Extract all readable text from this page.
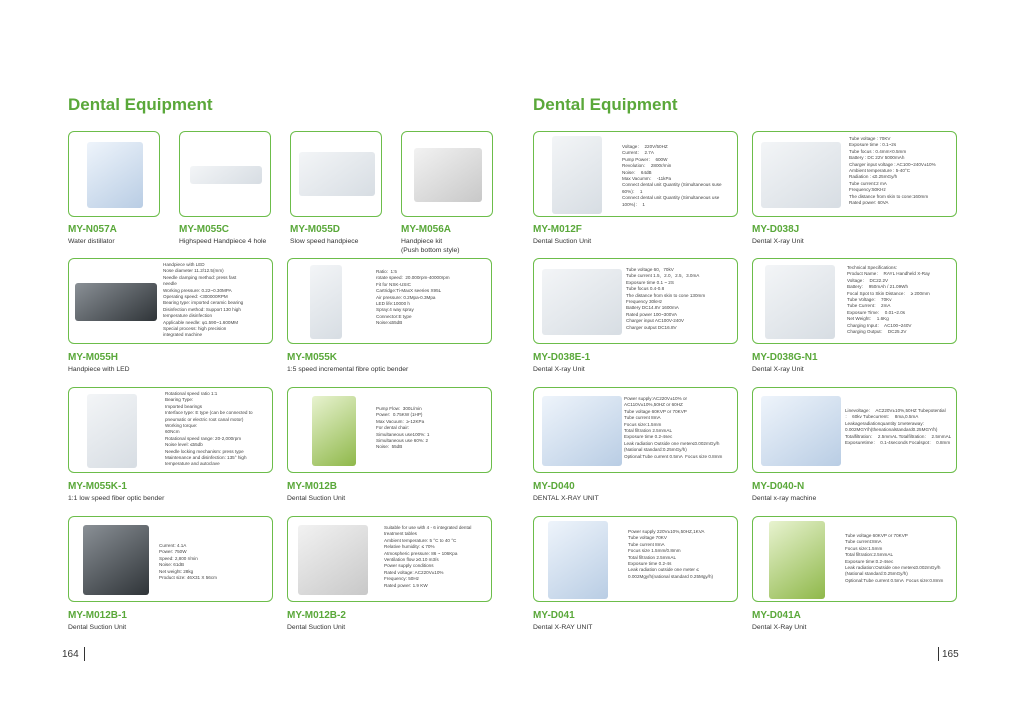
Dental Equipment
MY-N057A
Water distillator
MY-M055C
Highspeed Handpiece 4 hole
MY-M055D
Slow speed handpiece
MY-M056A
Handpiece kit
(Push bottom style)
Handpiece with LED
Nose diameter 11.2/12.5(mm)
Needle clamping method: press fast
needle
Working pressure: 0.22~0.30MPA
Operating speed: <300000RPM
Bearing type: imported ceramic bearing
Disinfection method: Support 130 high
temperature disinfection
Applicable needle: φ1.590~1.600MM
Special process: high precision
integrated machine
MY-M055H
Handpiece with LED
Ratio:  1:5
rotate speed:  20.000rpm-40000rpm
Fit for NSK-USIC
Cartridge:Ti-MaxX seeries X95L
Air pressure: 0.2Mpa-0.3Mpa
LED life:10000 h
Spray:4 way spray
Connector:E type
Noise:≤65dB
MY-M055K
1:5 speed incremental fibre optic bender
Rotational speed ratio 1:1
Bearing Type:
Imported bearings
Interface type: E type (can be connected to
pneumatic or electric root canal motor)
Working torque:
60Ncm
Rotational speed range: 20-2,000rpm
Noise level: ≤55db
Needle locking mechanism: press type
Maintenance and disinfection: 135° high
temperature and autoclave
MY-M055K-1
1:1 low speed fiber optic bender
Pump Flow:  300L/min
Power:  0.75KW (1HP)
Max Vacuum:  ≥-12KPa
For dental chair:
Simultaneous use100%: 1
Simultaneous use 60%: 2
Noise:  55dB
MY-M012B
Dental Suction Unit
Current: 4.1A
Power: 750W
Speed: 2,800 r/min
Noise: 61dB
Net weight: 28kg
Product size: 46X31 X 56cm
MY-M012B-1
Dental Suction Unit
Suitable for use with 4 - 6 integrated dental
treatment tables
Ambient temperature: 5 °C to 40 °C
Relative humidity: ≤ 70%
Atmospheric pressure: 86 ~ 106Kpa
Ventilation flow ≥0.10 m3/s
Power supply conditions
Rated voltage: AC220V±10%
Frequency: 50Hz
Rated power: 1.9 KW
MY-M012B-2
Dental Suction Unit
164
Dental Equipment
Voltage：  220V/50HZ
Current：  2.7A
Pump Power：  600W
Revolution：  2800r/min
Noise：  64dB
Max Vacumm：  -11kPa
Connect dental unit Quantity (Simultaneous suse
60%)：  1
Connect dental unit Quantity (Simultaneous use
100%)：  1
MY-M012F
Dental Suction Unit
Tube voltage : 70KV
Exposure time : 0.1~2s
Tube focus : 0.4mm×0.5mm
Battery : DC 22V 5000mAh
Charger input voltage : AC100~240V±10%
Ambient temperature : 5-40°C
Radiation : ≤0.25mGy/h
Tube current:2 mA
Frequency:50KHz
The distance from skin to cone:160mm
Rated power: 60VA
MY-D038J
Dental X-ray Unit
Tube voltage 60，70kV
Tube current 1.5，2.0，2.5，3.0mA
Exposure time 0.1 ~ 2S
Tube focus 0.4-0.8
The distance from skin to cone 130mm
Frequency 30kHz
Battery DC14.8V 1600mA
Rated power 100~300VA
Charger input AC100V-240V
Charger output DC16.8V
MY-D038E-1
Dental X-ray Unit
Technical Specifications:
Product Name：  RAYL Handheld X-Ray
Voltage：  DC22.2V
Battery：  950mAh / 21.09Wh
Focal Spot to Skin Distance：  ≥ 200mm
Tube Voltage：  70Kv
Tube Current：  2mA
Exposure Time：  0.01~2.0s
Net Weight：  1.6Kg
Charging Input：  AC100~240V
Charging Output：  DC25.2V
MY-D038G-N1
Dental X-ray Unit
Power supply:AC220V±10% or
AC110V±10%,50HZ or 60HZ
Tube voltage 60KVP or 70KVP
Tube current 8mA
Focus size:1.5mm
Total filtration 2.5mmAL
Exposure time 0.2-4sec
Leak radiation Outside one meter≤0.002mGy/h
(National standard:0.25mGy/h)
Optional:Tube current 0.5mA  Focus size 0.8mm
MY-D040
DENTAL X-RAY UNIT
Linevoltage：  AC220V±10%,50HZ Tubepotential
：  60kv Tubecurrent：  8ma,0.5mA
Leakageradiationquantity 1meteraway：
0.002MGY/h(thenationalstandard0.25MGY/h)
Totalfiltration：  2.5mmAL Totalfiltration：  2.5mmAL
Exposuretime：  0.1-4seconds Focalspot：  0.8mm
MY-D040-N
Dental x-ray machine
Power supply 220V±10%,50HZ,1KVA
Tube voltage 70KV
Tube current 8mA
Focus size 1.5mm/0.8mm
Total filtration 2.5mmAL
Exposure time 0.2-4s
Leak radiation outside one meter ≤
0.002Mgy/h(national standard 0.25Mgy/h)
MY-D041
Dental X-RAY UNIT
Tube voltage 60KVP or 70KVP
Tube current:8mA
Focus size:1.5mm
Total filtration:2.5mmAL
Exposure time:0.2-4sec
Leak radiation:Outside one meter≤0.002mGy/h
(National standard:0.25mGy/h)
Optional:Tube current 0.5mA  Focus size:0.8mm
MY-D041A
Dental X-Ray Unit
165
